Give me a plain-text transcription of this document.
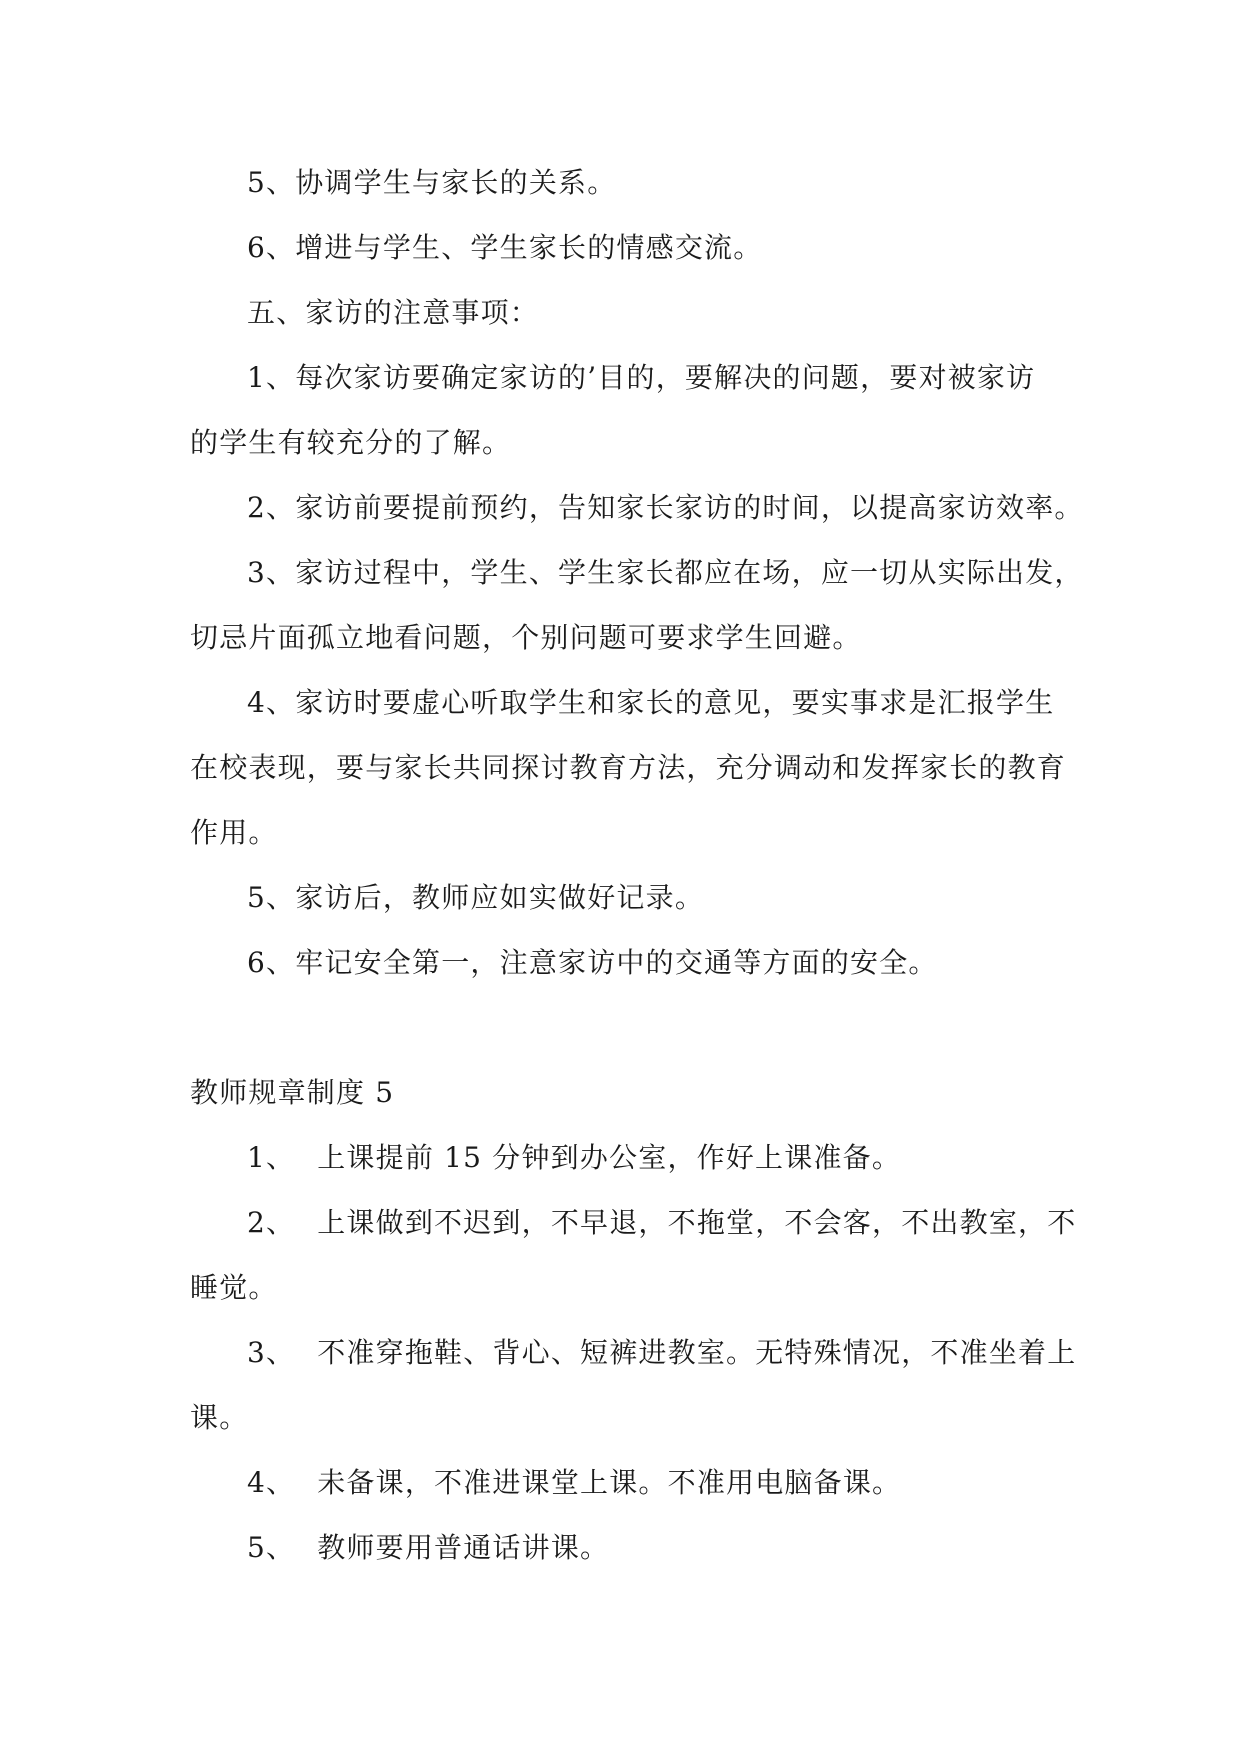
5、协调学生与家长的关系。
6、增进与学生、学生家长的情感交流。
五、家访的注意事项：
1、每次家访要确定家访的’目的，要解决的问题，要对被家访
的学生有较充分的了解。
2、家访前要提前预约，告知家长家访的时间，以提高家访效率。
3、家访过程中，学生、学生家长都应在场，应一切从实际出发，
切忌片面孤立地看问题，个别问题可要求学生回避。
4、家访时要虚心听取学生和家长的意见，要实事求是汇报学生
在校表现，要与家长共同探讨教育方法，充分调动和发挥家长的教育
作用。
5、家访后，教师应如实做好记录。
6、牢记安全第一，注意家访中的交通等方面的安全。
教师规章制度 5
1、 上课提前 15 分钟到办公室，作好上课准备。
2、 上课做到不迟到，不早退，不拖堂，不会客，不出教室，不
睡觉。
3、 不准穿拖鞋、背心、短裤进教室。无特殊情况，不准坐着上
课。
4、 未备课，不准进课堂上课。不准用电脑备课。
5、 教师要用普通话讲课。
